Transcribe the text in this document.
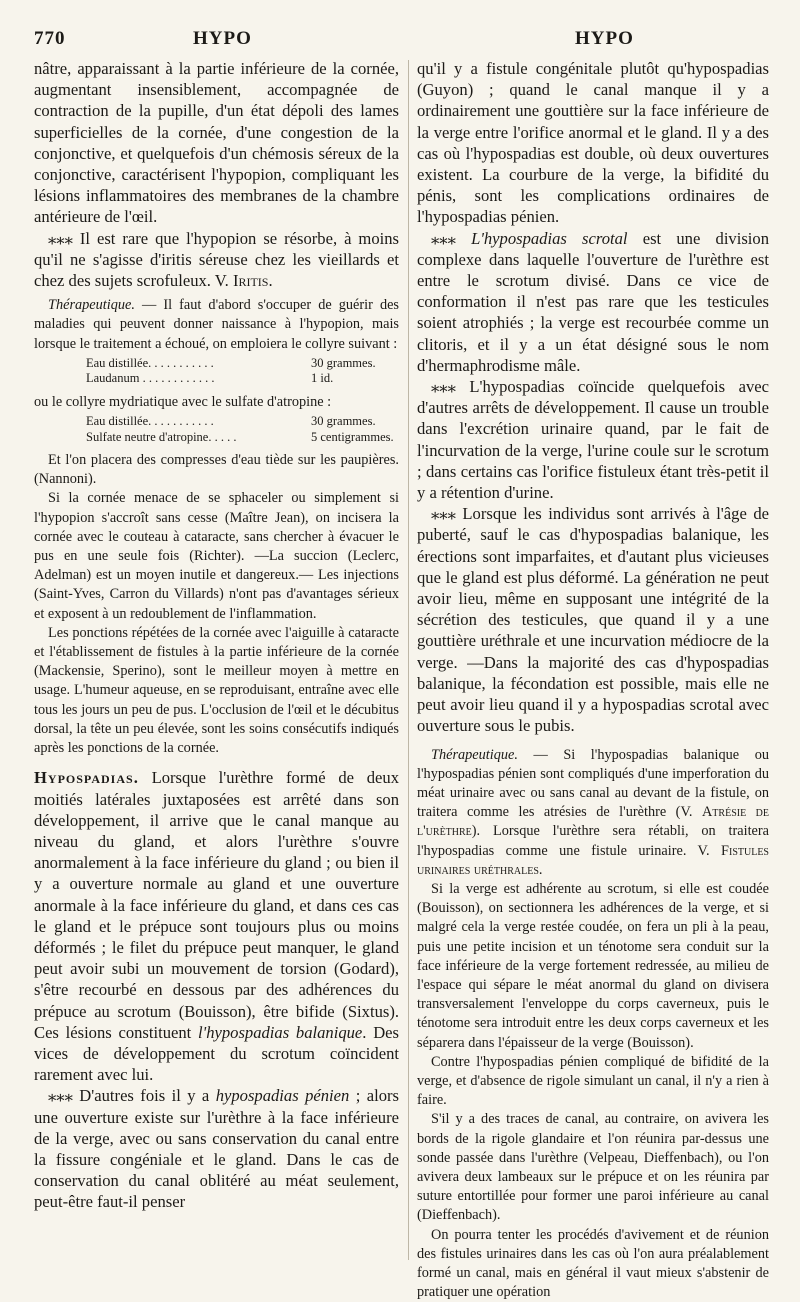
770	HYPO	HYPO

nâtre, apparaissant à la partie inférieure de la cornée, augmentant insensiblement, accompagnée de contraction de la pupille, d'un état dépoli des lames superficielles de la cornée, d'une congestion de la conjonctive, et quelquefois d'un chémosis séreux de la conjonctive, caractérisent l'hypopion, compliquant les lésions inflammatoires des membranes de la chambre antérieure de l'œil.

⁎⁎⁎ Il est rare que l'hypopion se résorbe, à moins qu'il ne s'agisse d'iritis séreuse chez les vieillards et chez des sujets scrofuleux. V. Iritis.

Thérapeutique. — Il faut d'abord s'occuper de guérir des maladies qui peuvent donner naissance à l'hypopion, mais lorsque le traitement a échoué, on emploiera le collyre suivant :

Eau distillée. . . . . . . . . . .	30 grammes.
Laudanum . . . . . . . . . . . .	1 id.

ou le collyre mydriatique avec le sulfate d'atropine :

Eau distillée. . . . . . . . . . .	30 grammes.
Sulfate neutre d'atropine. . . . .	5 centigrammes.

Et l'on placera des compresses d'eau tiède sur les paupières. (Nannoni).

Si la cornée menace de se sphaceler ou simplement si l'hypopion s'accroît sans cesse (Maître Jean), on incisera la cornée avec le couteau à cataracte, sans chercher à évacuer le pus en une seule fois (Richter). —La succion (Leclerc, Adelman) est un moyen inutile et dangereux.— Les injections (Saint-Yves, Carron du Villards) n'ont pas d'avantages sérieux et exposent à un redoublement de l'inflammation.

Les ponctions répétées de la cornée avec l'aiguille à cataracte et l'établissement de fistules à la partie inférieure de la cornée (Mackensie, Sperino), sont le meilleur moyen à mettre en usage. L'humeur aqueuse, en se reproduisant, entraîne avec elle tous les jours un peu de pus. L'occlusion de l'œil et le décubitus dorsal, la tête un peu élevée, sont les soins consécutifs indiqués après les ponctions de la cornée.

Hypospadias. Lorsque l'urèthre formé de deux moitiés latérales juxtaposées est arrêté dans son développement, il arrive que le canal manque au niveau du gland, et alors l'urèthre s'ouvre anormalement à la face inférieure du gland ; ou bien il y a ouverture normale au gland et une ouverture anormale à la face inférieure du gland, et dans ces cas le gland et le prépuce sont toujours plus ou moins déformés ; le filet du prépuce peut manquer, le gland peut avoir subi un mouvement de torsion (Godard), s'être recourbé en dessous par des adhérences du prépuce au scrotum (Bouisson), être bifide (Sixtus). Ces lésions constituent l'hypospadias balanique. Des vices de développement du scrotum coïncident rarement avec lui.

⁎⁎⁎ D'autres fois il y a hypospadias pénien ; alors une ouverture existe sur l'urèthre à la face inférieure de la verge, avec ou sans conservation du canal entre la fissure congéniale et le gland. Dans le cas de conservation du canal oblitéré au méat seulement, peut-être faut-il penser

qu'il y a fistule congénitale plutôt qu'hypospadias (Guyon) ; quand le canal manque il y a ordinairement une gouttière sur la face inférieure de la verge entre l'orifice anormal et le gland. Il y a des cas où l'hypospadias est double, où deux ouvertures existent. La courbure de la verge, la bifidité du pénis, sont les complications ordinaires de l'hypospadias pénien.

⁎⁎⁎ L'hypospadias scrotal est une division complexe dans laquelle l'ouverture de l'urèthre est entre le scrotum divisé. Dans ce vice de conformation il n'est pas rare que les testicules soient atrophiés ; la verge est recourbée comme un clitoris, et il y a un état désigné sous le nom d'hermaphrodisme mâle.

⁎⁎⁎ L'hypospadias coïncide quelquefois avec d'autres arrêts de développement. Il cause un trouble dans l'excrétion urinaire quand, par le fait de l'incurvation de la verge, l'urine coule sur le scrotum ; dans certains cas l'orifice fistuleux étant très-petit il y a rétention d'urine.

⁎⁎⁎ Lorsque les individus sont arrivés à l'âge de puberté, sauf le cas d'hypospadias balanique, les érections sont imparfaites, et d'autant plus vicieuses que le gland est plus déformé. La génération ne peut avoir lieu, même en supposant une intégrité de la sécrétion des testicules, que quand il y a une gouttière uréthrale et une incurvation médiocre de la verge. —Dans la majorité des cas d'hypospadias balanique, la fécondation est possible, mais elle ne peut avoir lieu quand il y a hypospadias scrotal avec ouverture sous le pubis.

Thérapeutique. — Si l'hypospadias balanique ou l'hypospadias pénien sont compliqués d'une imperforation du méat urinaire avec ou sans canal au devant de la fistule, on traitera comme les atrésies de l'urèthre (V. Atrésie de l'urèthre). Lorsque l'urèthre sera rétabli, on traitera l'hypospadias comme une fistule urinaire. V. Fistules urinaires uréthrales.

Si la verge est adhérente au scrotum, si elle est coudée (Bouisson), on sectionnera les adhérences de la verge, et si malgré cela la verge restée coudée, on fera un pli à la peau, puis une petite incision et un ténotome sera conduit sur la face inférieure de la verge fortement redressée, au milieu de l'espace qui sépare le méat anormal du gland on divisera transversalement l'enveloppe du corps caverneux, puis le ténotome sera introduit entre les deux corps caverneux et les séparera dans l'épaisseur de la verge (Bouisson).

Contre l'hypospadias pénien compliqué de bifidité de la verge, et d'absence de rigole simulant un canal, il n'y a rien à faire.

S'il y a des traces de canal, au contraire, on avivera les bords de la rigole glandaire et l'on réunira par-dessus une sonde passée dans l'urèthre (Velpeau, Dieffenbach), ou l'on avivera deux lambeaux sur le prépuce et on les réunira par suture entortillée pour former une paroi inférieure au canal (Dieffenbach).

On pourra tenter les procédés d'avivement et de réunion des fistules urinaires dans les cas où l'on aura préalablement formé un canal, mais en général il vaut mieux s'abstenir de pratiquer une opération
